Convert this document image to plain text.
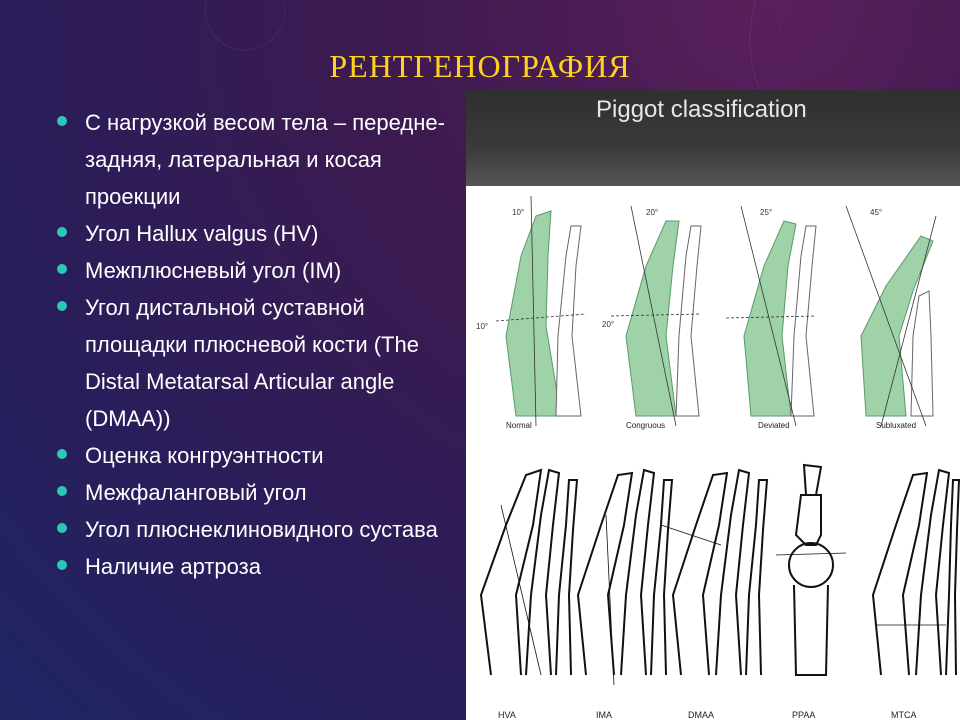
РЕНТГЕНОГРАФИЯ
С нагрузкой весом тела – передне-задняя, латеральная и косая проекции
Угол Hallux valgus (HV)
Межплюсневый угол (IM)
Угол дистальной суставной площадки плюсневой кости (The Distal Metatarsal Articular angle (DMAA))
Оценка конгруэнтности
Межфаланговый угол
Угол плюснеклиновидного сустава
Наличие артроза
Piggot classification
10°
10°
20°
20°
25°	45°
Normal	Congruous	Deviated	Subluxated
HVA	IMA	DMAA	PPAA	MTCA
